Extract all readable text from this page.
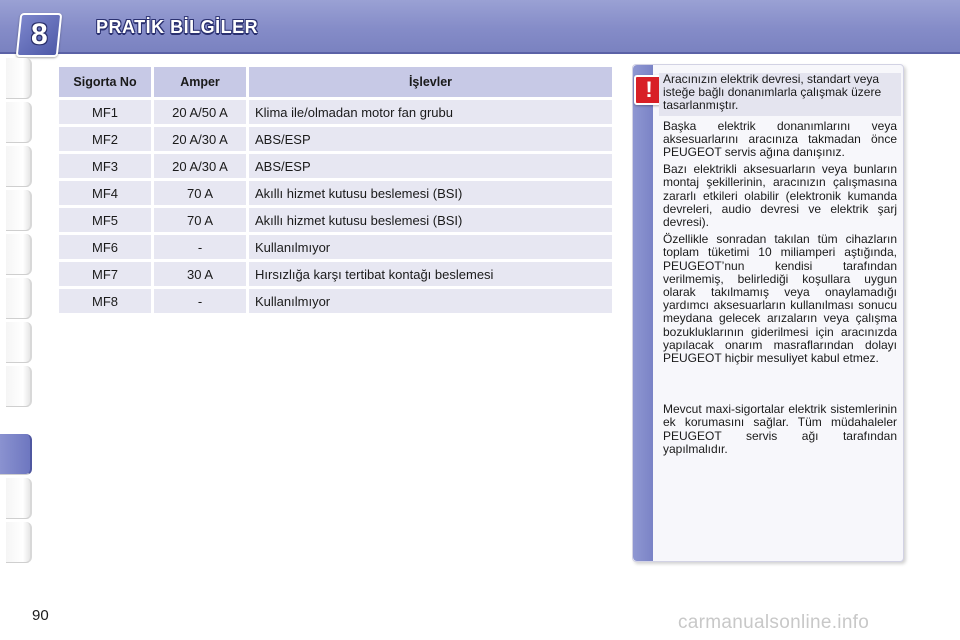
8	PRATİK BİLGİLER
Sigorta No	Amper	İşlevler
MF1	20 A/50 A	Klima ile/olmadan motor fan grubu
MF2	20 A/30 A	ABS/ESP
MF3	20 A/30 A	ABS/ESP
MF4	70 A	Akıllı hizmet kutusu beslemesi (BSI)
MF5	70 A	Akıllı hizmet kutusu beslemesi (BSI)
MF6	-	Kullanılmıyor
MF7	30 A	Hırsızlığa karşı tertibat kontağı beslemesi
MF8	-	Kullanılmıyor
! Aracınızın elektrik devresi, standart veya isteğe bağlı donanımlarla çalışmak üzere tasarlanmıştır.

Başka elektrik donanımlarını veya aksesuarlarını aracınıza takmadan önce PEUGEOT servis ağına danışınız.

Bazı elektrikli aksesuarların veya bunların montaj şekillerinin, aracınızın çalışmasına zararlı etkileri olabilir (elektronik kumanda devreleri, audio devresi ve elektrik şarj devresi).

Özellikle sonradan takılan tüm cihazların toplam tüketimi 10 miliamperi aştığında, PEUGEOT’nun kendisi tarafından verilmemiş, belirlediği koşullara uygun olarak takılmamış veya onaylamadığı yardımcı aksesuarların kullanılması sonucu meydana gelecek arızaların veya çalışma bozukluklarının giderilmesi için aracınızda yapılacak onarım masraflarından dolayı PEUGEOT hiçbir mesuliyet kabul etmez.

Mevcut maxi-sigortalar elektrik sistemlerinin ek korumasını sağlar. Tüm müdahaleler PEUGEOT servis ağı tarafından yapılmalıdır.

90	carmanualsonline.info
